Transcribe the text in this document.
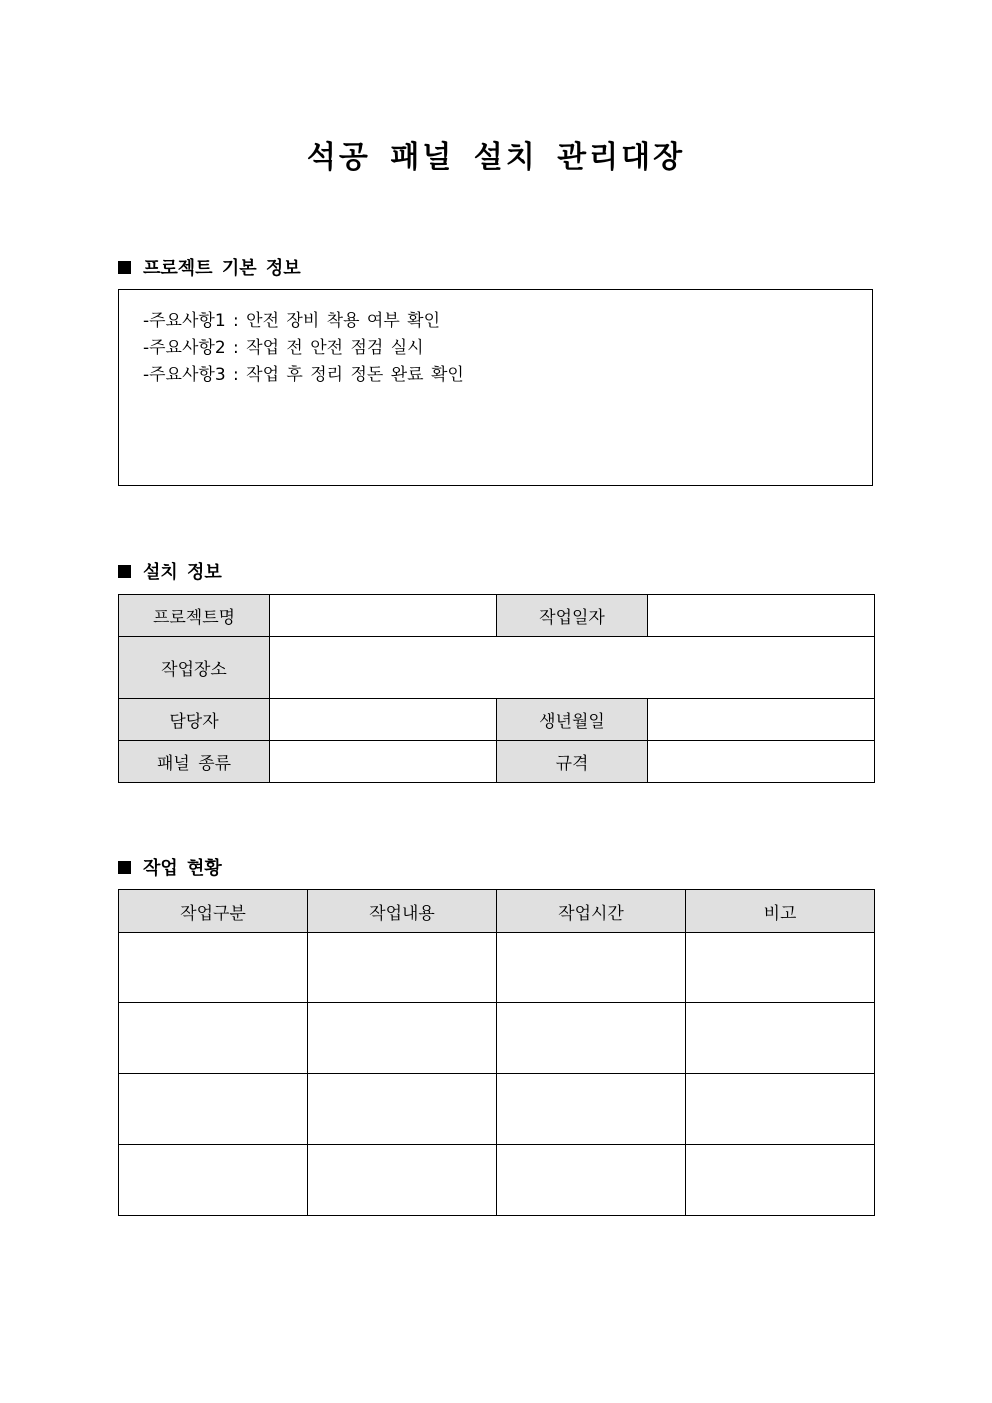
석공 패널 설치 관리대장
프로젝트 기본 정보
-주요사항1 : 안전 장비 착용 여부 확인
-주요사항2 : 작업 전 안전 점검 실시
-주요사항3 : 작업 후 정리 정돈 완료 확인
설치 정보
프로젝트명		작업일자	
작업장소			
담당자		생년월일	
패널 종류		규격	
작업 현황
작업구분	작업내용	작업시간	비고
